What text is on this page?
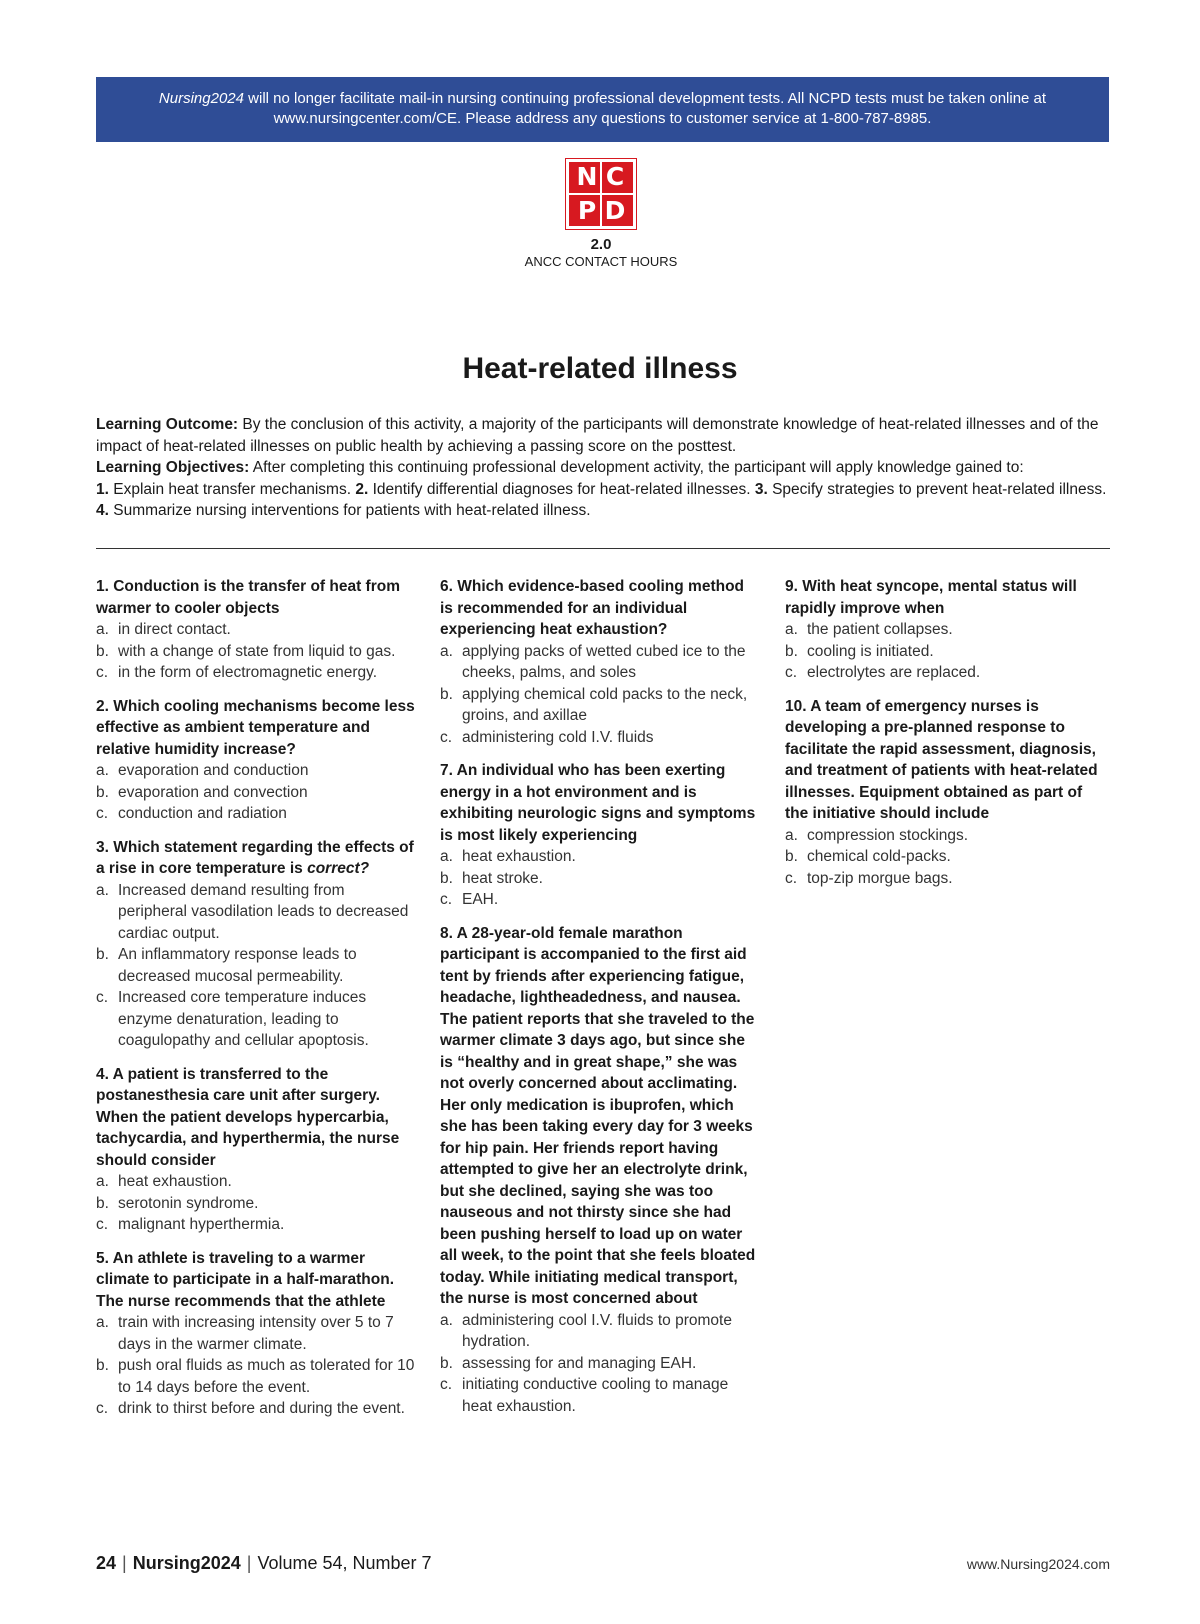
Nursing2024 will no longer facilitate mail-in nursing continuing professional development tests. All NCPD tests must be taken online at
www.nursingcenter.com/CE. Please address any questions to customer service at 1-800-787-8985.
N C
P D
2.0
ANCC CONTACT HOURS
Heat-related illness
Learning Outcome: By the conclusion of this activity, a majority of the participants will demonstrate knowledge of heat-related illnesses and of the impact of heat-related illnesses on public health by achieving a passing score on the posttest.
Learning Objectives: After completing this continuing professional development activity, the participant will apply knowledge gained to:
1. Explain heat transfer mechanisms. 2. Identify differential diagnoses for heat-related illnesses. 3. Specify strategies to prevent heat-related illness. 4. Summarize nursing interventions for patients with heat-related illness.
1. Conduction is the transfer of heat from warmer to cooler objects
a. in direct contact.
b. with a change of state from liquid to gas.
c. in the form of electromagnetic energy.
2. Which cooling mechanisms become less effective as ambient temperature and relative humidity increase?
a. evaporation and conduction
b. evaporation and convection
c. conduction and radiation
3. Which statement regarding the effects of a rise in core temperature is correct?
a. Increased demand resulting from peripheral vasodilation leads to decreased cardiac output.
b. An inflammatory response leads to decreased mucosal permeability.
c. Increased core temperature induces enzyme denaturation, leading to coagulopathy and cellular apoptosis.
4. A patient is transferred to the postanesthesia care unit after surgery. When the patient develops hypercarbia, tachycardia, and hyperthermia, the nurse should consider
a. heat exhaustion.
b. serotonin syndrome.
c. malignant hyperthermia.
5. An athlete is traveling to a warmer climate to participate in a half-marathon. The nurse recommends that the athlete
a. train with increasing intensity over 5 to 7 days in the warmer climate.
b. push oral fluids as much as tolerated for 10 to 14 days before the event.
c. drink to thirst before and during the event.
6. Which evidence-based cooling method is recommended for an individual experiencing heat exhaustion?
a. applying packs of wetted cubed ice to the cheeks, palms, and soles
b. applying chemical cold packs to the neck, groins, and axillae
c. administering cold I.V. fluids
7. An individual who has been exerting energy in a hot environment and is exhibiting neurologic signs and symptoms is most likely experiencing
a. heat exhaustion.
b. heat stroke.
c. EAH.
8. A 28-year-old female marathon participant is accompanied to the first aid tent by friends after experiencing fatigue, headache, lightheadedness, and nausea. The patient reports that she traveled to the warmer climate 3 days ago, but since she is “healthy and in great shape,” she was not overly concerned about acclimating. Her only medication is ibuprofen, which she has been taking every day for 3 weeks for hip pain. Her friends report having attempted to give her an electrolyte drink, but she declined, saying she was too nauseous and not thirsty since she had been pushing herself to load up on water all week, to the point that she feels bloated today. While initiating medical transport, the nurse is most concerned about
a. administering cool I.V. fluids to promote hydration.
b. assessing for and managing EAH.
c. initiating conductive cooling to manage heat exhaustion.
9. With heat syncope, mental status will rapidly improve when
a. the patient collapses.
b. cooling is initiated.
c. electrolytes are replaced.
10. A team of emergency nurses is developing a pre-planned response to facilitate the rapid assessment, diagnosis, and treatment of patients with heat-related illnesses. Equipment obtained as part of the initiative should include
a. compression stockings.
b. chemical cold-packs.
c. top-zip morgue bags.
24 | Nursing2024 | Volume 54, Number 7	www.Nursing2024.com
